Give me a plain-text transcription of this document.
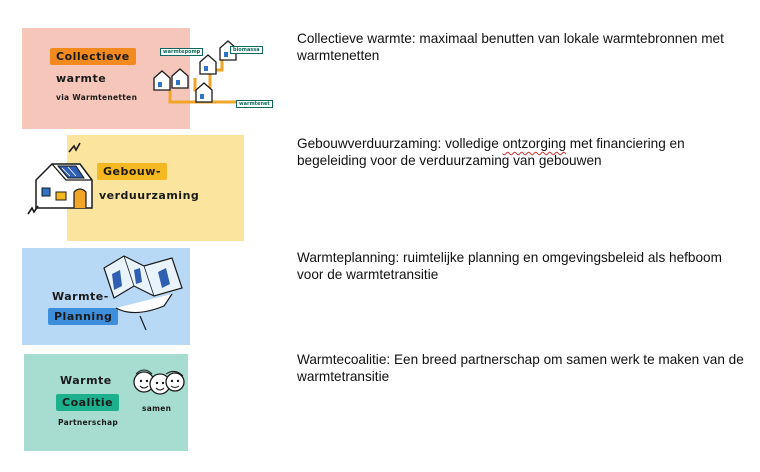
Collectieve
warmte
via Warmtenetten
warmtepomp	biomassa
warmtenet
Collectieve warmte: maximaal benutten van lokale warmtebronnen met warmtenetten
Gebouw-
verduurzaming
Gebouwverduurzaming: volledige ontzorging met financiering en begeleiding voor de verduurzaming van gebouwen
Warmte-
Planning
Warmteplanning: ruimtelijke planning en omgevingsbeleid als hefboom voor de warmtetransitie
Warmte
Coalitie
Partnerschap
samen
Warmtecoalitie: Een breed partnerschap om samen werk te maken van de warmtetransitie
